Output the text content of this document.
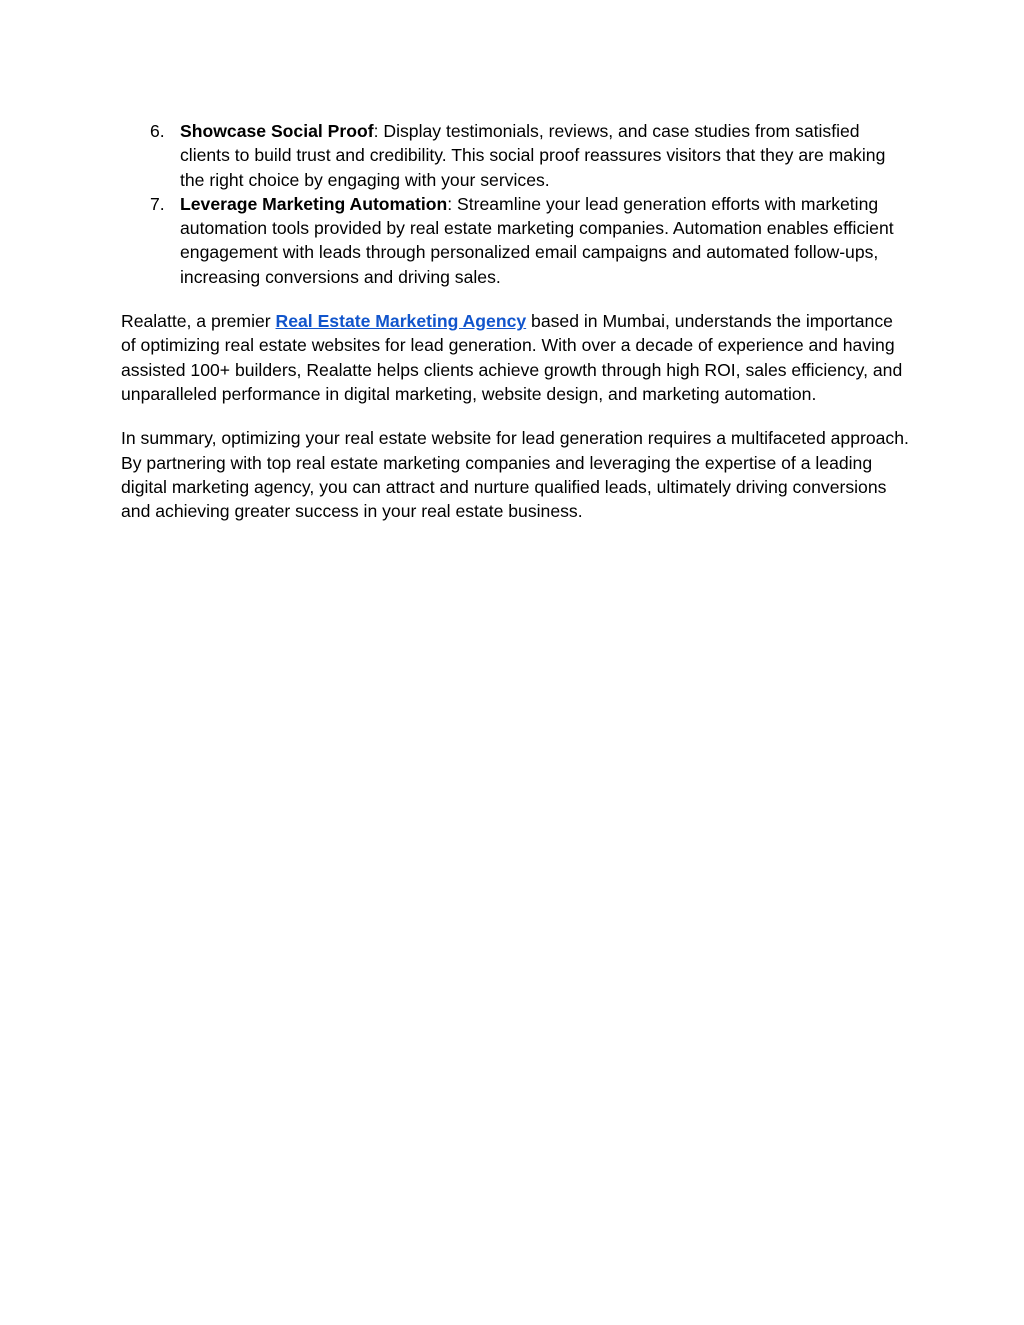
6. Showcase Social Proof: Display testimonials, reviews, and case studies from satisfied clients to build trust and credibility. This social proof reassures visitors that they are making the right choice by engaging with your services.
7. Leverage Marketing Automation: Streamline your lead generation efforts with marketing automation tools provided by real estate marketing companies. Automation enables efficient engagement with leads through personalized email campaigns and automated follow-ups, increasing conversions and driving sales.

Realatte, a premier Real Estate Marketing Agency based in Mumbai, understands the importance of optimizing real estate websites for lead generation. With over a decade of experience and having assisted 100+ builders, Realatte helps clients achieve growth through high ROI, sales efficiency, and unparalleled performance in digital marketing, website design, and marketing automation.

In summary, optimizing your real estate website for lead generation requires a multifaceted approach. By partnering with top real estate marketing companies and leveraging the expertise of a leading digital marketing agency, you can attract and nurture qualified leads, ultimately driving conversions and achieving greater success in your real estate business.
